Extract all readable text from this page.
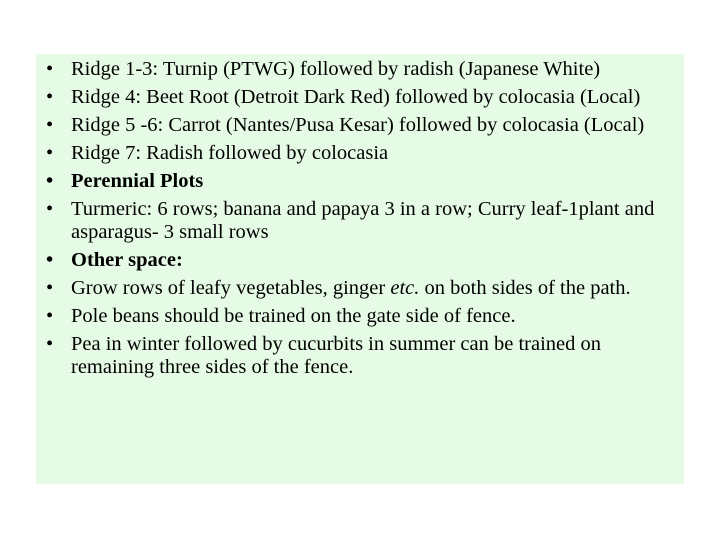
• Ridge 1-3: Turnip (PTWG) followed by radish (Japanese White)
• Ridge 4: Beet Root (Detroit Dark Red) followed by colocasia (Local)
• Ridge 5 -6: Carrot (Nantes/Pusa Kesar) followed by colocasia (Local)
• Ridge 7: Radish followed by colocasia
• Perennial Plots
• Turmeric: 6 rows; banana and papaya 3 in a row; Curry leaf-1plant and asparagus- 3 small rows
• Other space:
• Grow rows of leafy vegetables, ginger etc. on both sides of the path.
• Pole beans should be trained on the gate side of fence.
• Pea in winter followed by cucurbits in summer can be trained on remaining three sides of the fence.
